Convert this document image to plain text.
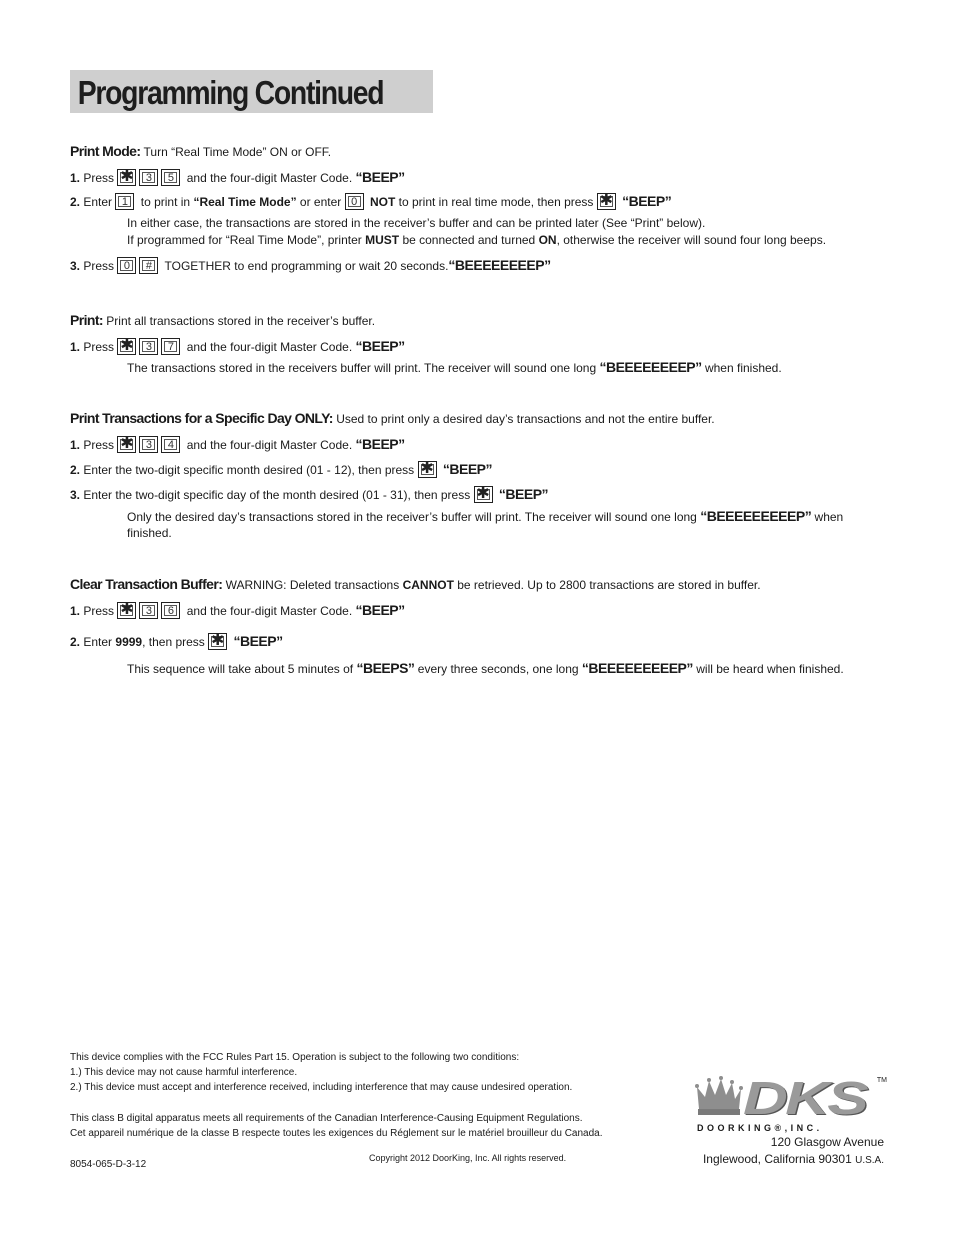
Programming Continued
Print Mode: Turn “Real Time Mode” ON or OFF.
1. Press ✱	3	5	and the four-digit Master Code. “BEEP”
2. Enter 1	to print in “Real Time Mode” or enter 0	NOT to print in real time mode, then press ✱ “BEEP”
In either case, the transactions are stored in the receiver’s buffer and can be printed later (See “Print” below).
If programmed for “Real Time Mode”, printer MUST be connected and turned ON, otherwise the receiver will sound four long beeps.
3. Press 0	#	TOGETHER to end programming or wait 20 seconds.“BEEEEEEEEP”
Print: Print all transactions stored in the receiver’s buffer.
1. Press ✱	3	7	and the four-digit Master Code. “BEEP”
The transactions stored in the receivers buffer will print. The receiver will sound one long “BEEEEEEEEP” when finished.
Print Transactions for a Specific Day ONLY: Used to print only a desired day’s transactions and not the entire buffer.
1. Press ✱	3	4	and the four-digit Master Code. “BEEP”
2. Enter the two-digit specific month desired (01 - 12), then press ✱ “BEEP”
3. Enter the two-digit specific day of the month desired (01 - 31), then press ✱ “BEEP”
Only the desired day’s transactions stored in the receiver’s buffer will print. The receiver will sound one long “BEEEEEEEEEP” when
finished.
Clear Transaction Buffer: WARNING: Deleted transactions CANNOT be retrieved. Up to 2800 transactions are stored in buffer.
1. Press ✱	3	6	and the four-digit Master Code. “BEEP”
2. Enter 9999, then press ✱ “BEEP”
This sequence will take about 5 minutes of “BEEPS” every three seconds, one long “BEEEEEEEEEP” will be heard when finished.
This device complies with the FCC Rules Part 15. Operation is subject to the following two conditions:
1.) This device may not cause harmful interference.
2.) This device must accept and interference received, including interference that may cause undesired operation.
This class B digital apparatus meets all requirements of the Canadian Interference-Causing Equipment Regulations.
Cet appareil numérique de la classe B respecte toutes les exigences du Réglement sur le matériel brouilleur du Canada.
8054-065-D-3-12
Copyright 2012 DoorKing, Inc. All rights reserved.
DKS TM
D O O R K I N G ® , I N C .
120 Glasgow Avenue
Inglewood, California 90301 U.S.A.
